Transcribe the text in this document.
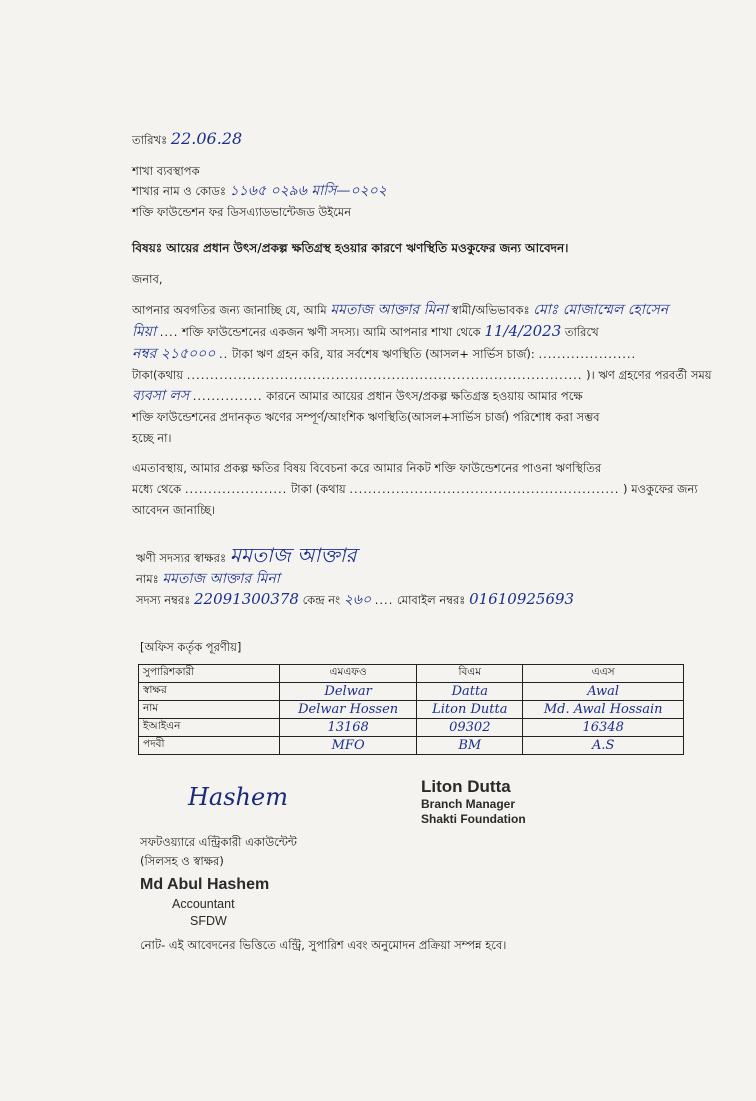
তারিখঃ 22.06.28
শাখা ব্যবস্থাপক
শাখার নাম ও কোডঃ ১১৬৫ ০২৯৬ মাসি—০২০২
শক্তি ফাউন্ডেশন ফর ডিসএ্যাডভান্টেজড উইমেন
বিষয়ঃ আয়ের প্রধান উৎস/প্রকল্প ক্ষতিগ্রস্থ হওয়ার কারণে ঋণস্থিতি মওকুফের জন্য আবেদন।
জনাব,
আপনার অবগতির জন্য জানাচ্ছি যে, আমি মমতাজ আক্তার মিনা স্বামী/অভিভাবকঃ মোঃ মোজাম্মেল হোসেন
মিয়া .... শক্তি ফাউন্ডেশনের একজন ঋণী সদস্য। আমি আপনার শাখা থেকে 11/4/2023 তারিখে
নম্বর ২১৫০০০ .. টাকা ঋণ গ্রহন করি, যার সর্বশেষ ঋণস্থিতি (আসল+ সার্ভিস চার্জ): .....................
টাকা(কথায় ..................................................................................... )। ঋণ গ্রহণের পরবর্তী সময়
ব্যবসা লস ............... কারনে আমার আয়ের প্রধান উৎস/প্রকল্প ক্ষতিগ্রস্ত হওয়ায় আমার পক্ষে
শক্তি ফাউন্ডেশনের প্রদানকৃত ঋণের সম্পূর্ণ/আংশিক ঋণস্থিতি(আসল+সার্ভিস চার্জ) পরিশোধ করা সম্ভব
হচ্ছে না।
এমতাবস্থায়, আমার প্রকল্প ক্ষতির বিষয় বিবেচনা করে আমার নিকট শক্তি ফাউন্ডেশনের পাওনা ঋণস্থিতির
মধ্যে থেকে ...................... টাকা (কথায় .......................................................... ) মওকুফের জন্য
আবেদন জানাচ্ছি।
ঋণী সদস্যর স্বাক্ষরঃ মমতাজ আক্তার
নামঃ মমতাজ আক্তার মিনা
সদস্য নম্বরঃ 22091300378 কেন্দ্র নং ২৬০ .... মোবাইল নম্বরঃ 01610925693
[অফিস কর্তৃক পূরণীয়]
সুপারিশকারী	এমএফও	বিএম	এএস
স্বাক্ষর	Delwar	Datta	Awal
নাম	Delwar Hossen	Liton Dutta	Md. Awal Hossain
ইআইএন	13168	09302	16348
পদবী	MFO	BM	A.S
Liton Dutta
Branch Manager
Shakti Foundation
Hashem
সফটওয়্যারে এন্ট্রিকারী একাউন্টেন্ট
(সিলসহ ও স্বাক্ষর)
Md Abul Hashem
Accountant
SFDW
নোট- এই আবেদনের ভিত্তিতে এন্ট্রি, সুপারিশ এবং অনুমোদন প্রক্রিয়া সম্পন্ন হবে।
